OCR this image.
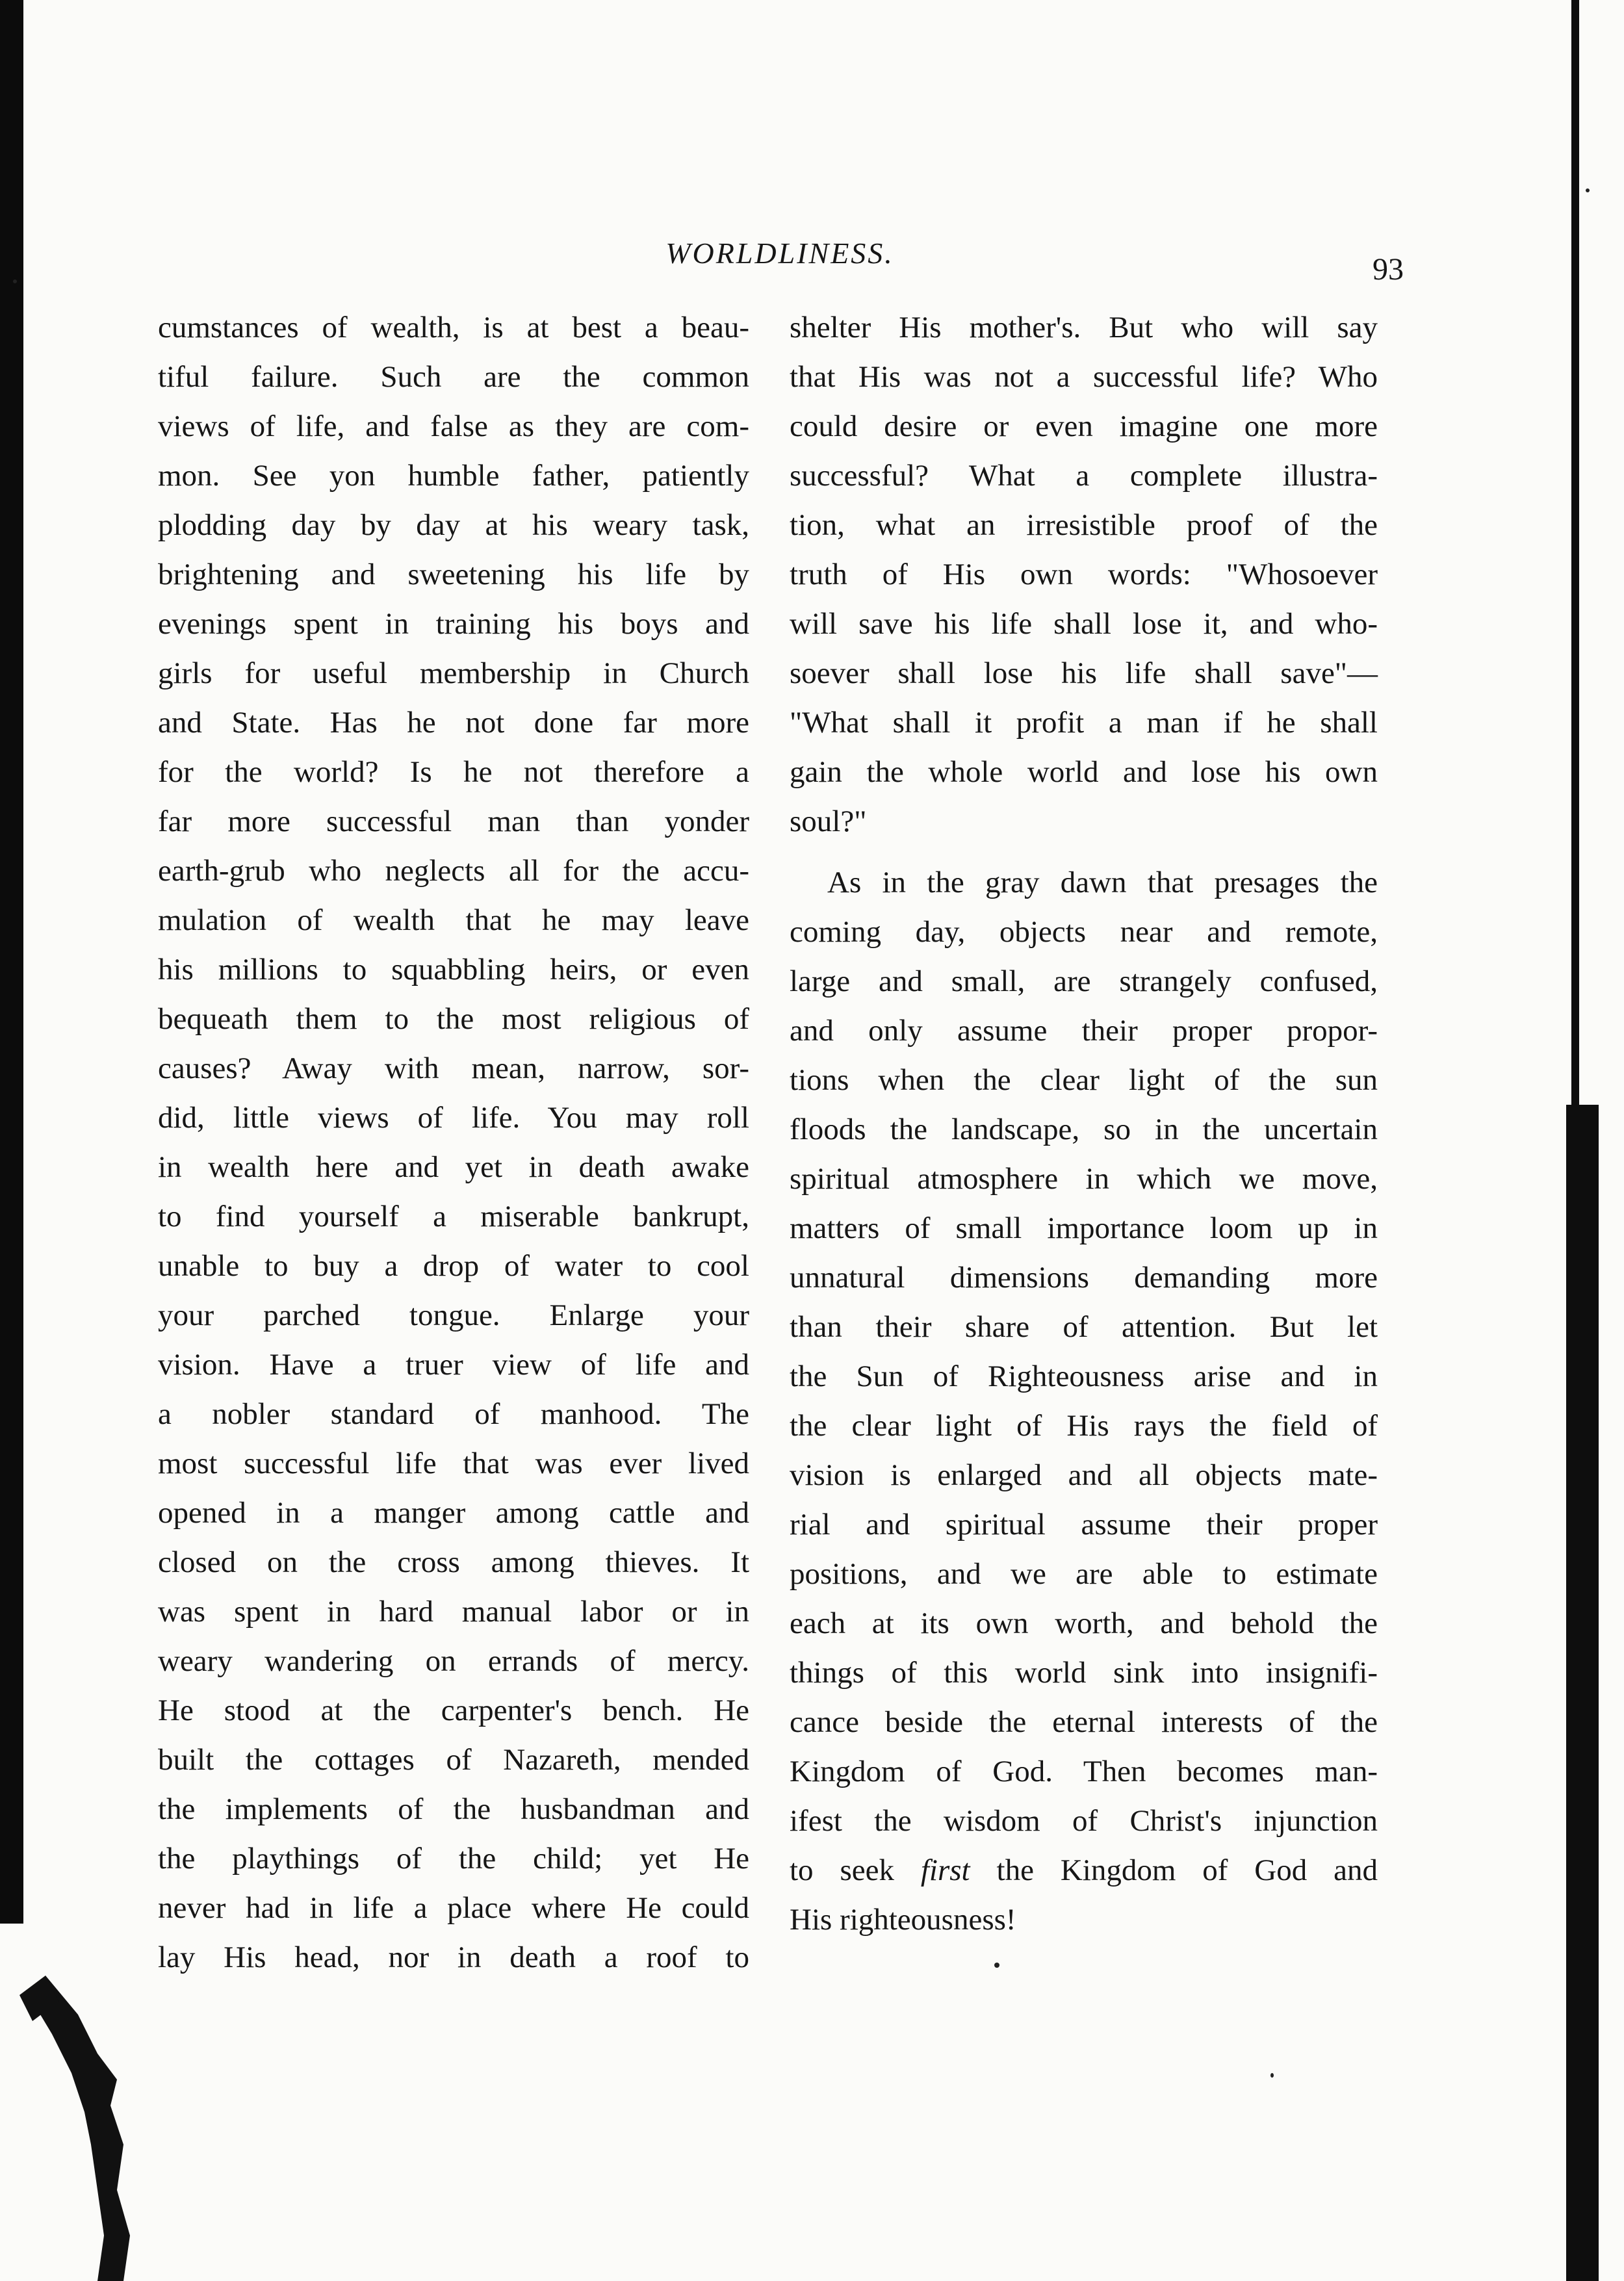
WORLDLINESS.	93
cumstances of wealth, is at best a beau-
tiful failure. Such are the common
views of life, and false as they are com-
mon. See yon humble father, patiently
plodding day by day at his weary task,
brightening and sweetening his life by
evenings spent in training his boys and
girls for useful membership in Church
and State. Has he not done far more
for the world? Is he not therefore a
far more successful man than yonder
earth-grub who neglects all for the accu-
mulation of wealth that he may leave
his millions to squabbling heirs, or even
bequeath them to the most religious of
causes? Away with mean, narrow, sor-
did, little views of life. You may roll
in wealth here and yet in death awake
to find yourself a miserable bankrupt,
unable to buy a drop of water to cool
your parched tongue. Enlarge your
vision. Have a truer view of life and
a nobler standard of manhood. The
most successful life that was ever lived
opened in a manger among cattle and
closed on the cross among thieves. It
was spent in hard manual labor or in
weary wandering on errands of mercy.
He stood at the carpenter's bench. He
built the cottages of Nazareth, mended
the implements of the husbandman and
the playthings of the child; yet He
never had in life a place where He could
lay His head, nor in death a roof to
shelter His mother's. But who will say
that His was not a successful life? Who
could desire or even imagine one more
successful? What a complete illustra-
tion, what an irresistible proof of the
truth of His own words: "Whosoever
will save his life shall lose it, and who-
soever shall lose his life shall save"—
"What shall it profit a man if he shall
gain the whole world and lose his own
soul?"
As in the gray dawn that presages the
coming day, objects near and remote,
large and small, are strangely confused,
and only assume their proper propor-
tions when the clear light of the sun
floods the landscape, so in the uncertain
spiritual atmosphere in which we move,
matters of small importance loom up in
unnatural dimensions demanding more
than their share of attention. But let
the Sun of Righteousness arise and in
the clear light of His rays the field of
vision is enlarged and all objects mate-
rial and spiritual assume their proper
positions, and we are able to estimate
each at its own worth, and behold the
things of this world sink into insignifi-
cance beside the eternal interests of the
Kingdom of God. Then becomes man-
ifest the wisdom of Christ's injunction
to seek first the Kingdom of God and
His righteousness!
